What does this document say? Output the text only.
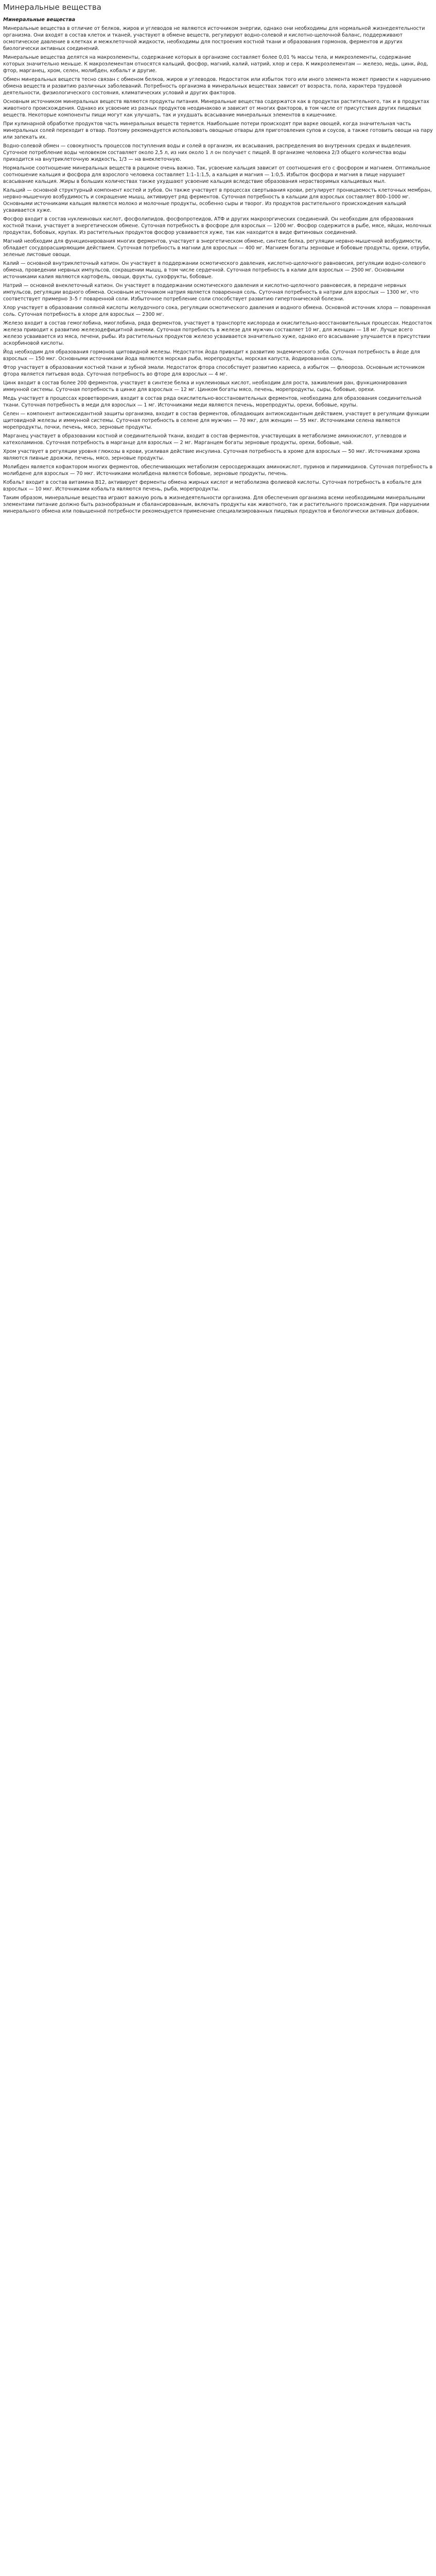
Минеральные вещества
Минеральные вещества

Минеральные вещества в отличие от белков, жиров и углеводов не являются источником энергии, однако они необходимы для нормальной жизнедеятельности организма. Они входят в состав клеток и тканей, участвуют в обмене веществ, регулируют водно-солевой и кислотно-щелочной баланс, поддерживают осмотическое давление в клетках и межклеточной жидкости, необходимы для построения костной ткани и образования гормонов, ферментов и других биологически активных соединений.

Минеральные вещества делятся на макроэлементы, содержание которых в организме составляет более 0,01 % массы тела, и микроэлементы, содержание которых значительно меньше. К макроэлементам относятся кальций, фосфор, магний, калий, натрий, хлор и сера. К микроэлементам — железо, медь, цинк, йод, фтор, марганец, хром, селен, молибден, кобальт и другие.

Обмен минеральных веществ тесно связан с обменом белков, жиров и углеводов. Недостаток или избыток того или иного элемента может привести к нарушению обмена веществ и развитию различных заболеваний. Потребность организма в минеральных веществах зависит от возраста, пола, характера трудовой деятельности, физиологического состояния, климатических условий и других факторов.

Основным источником минеральных веществ являются продукты питания. Минеральные вещества содержатся как в продуктах растительного, так и в продуктах животного происхождения. Однако их усвоение из разных продуктов неодинаково и зависит от многих факторов, в том числе от присутствия других пищевых веществ. Некоторые компоненты пищи могут как улучшать, так и ухудшать всасывание минеральных элементов в кишечнике.

При кулинарной обработке продуктов часть минеральных веществ теряется. Наибольшие потери происходят при варке овощей, когда значительная часть минеральных солей переходит в отвар. Поэтому рекомендуется использовать овощные отвары для приготовления супов и соусов, а также готовить овощи на пару или запекать их.

Водно-солевой обмен — совокупность процессов поступления воды и солей в организм, их всасывания, распределения во внутренних средах и выделения. Суточное потребление воды человеком составляет около 2,5 л, из них около 1 л он получает с пищей. В организме человека 2/3 общего количества воды приходится на внутриклеточную жидкость, 1/3 — на внеклеточную.

Нормальное соотношение минеральных веществ в рационе очень важно. Так, усвоение кальция зависит от соотношения его с фосфором и магнием. Оптимальное соотношение кальция и фосфора для взрослого человека составляет 1:1–1:1,5, а кальция и магния — 1:0,5. Избыток фосфора и магния в пище нарушает всасывание кальция. Жиры в больших количествах также ухудшают усвоение кальция вследствие образования нерастворимых кальциевых мыл.

Кальций — основной структурный компонент костей и зубов. Он также участвует в процессах свертывания крови, регулирует проницаемость клеточных мембран, нервно-мышечную возбудимость и сокращение мышц, активирует ряд ферментов. Суточная потребность в кальции для взрослых составляет 800–1000 мг. Основными источниками кальция являются молоко и молочные продукты, особенно сыры и творог. Из продуктов растительного происхождения кальций усваивается хуже.

Фосфор входит в состав нуклеиновых кислот, фосфолипидов, фосфопротеидов, АТФ и других макроэргических соединений. Он необходим для образования костной ткани, участвует в энергетическом обмене. Суточная потребность в фосфоре для взрослых — 1200 мг. Фосфор содержится в рыбе, мясе, яйцах, молочных продуктах, бобовых, крупах. Из растительных продуктов фосфор усваивается хуже, так как находится в виде фитиновых соединений.

Магний необходим для функционирования многих ферментов, участвует в энергетическом обмене, синтезе белка, регуляции нервно-мышечной возбудимости, обладает сосудорасширяющим действием. Суточная потребность в магнии для взрослых — 400 мг. Магнием богаты зерновые и бобовые продукты, орехи, отруби, зеленые листовые овощи.

Калий — основной внутриклеточный катион. Он участвует в поддержании осмотического давления, кислотно-щелочного равновесия, регуляции водно-солевого обмена, проведении нервных импульсов, сокращении мышц, в том числе сердечной. Суточная потребность в калии для взрослых — 2500 мг. Основными источниками калия являются картофель, овощи, фрукты, сухофрукты, бобовые.

Натрий — основной внеклеточный катион. Он участвует в поддержании осмотического давления и кислотно-щелочного равновесия, в передаче нервных импульсов, регуляции водного обмена. Основным источником натрия является поваренная соль. Суточная потребность в натрии для взрослых — 1300 мг, что соответствует примерно 3–5 г поваренной соли. Избыточное потребление соли способствует развитию гипертонической болезни.

Хлор участвует в образовании соляной кислоты желудочного сока, регуляции осмотического давления и водного обмена. Основной источник хлора — поваренная соль. Суточная потребность в хлоре для взрослых — 2300 мг.

Железо входит в состав гемоглобина, миоглобина, ряда ферментов, участвует в транспорте кислорода и окислительно-восстановительных процессах. Недостаток железа приводит к развитию железодефицитной анемии. Суточная потребность в железе для мужчин составляет 10 мг, для женщин — 18 мг. Лучше всего железо усваивается из мяса, печени, рыбы. Из растительных продуктов железо усваивается значительно хуже, однако его всасывание улучшается в присутствии аскорбиновой кислоты.

Йод необходим для образования гормонов щитовидной железы. Недостаток йода приводит к развитию эндемического зоба. Суточная потребность в йоде для взрослых — 150 мкг. Основными источниками йода являются морская рыба, морепродукты, морская капуста, йодированная соль.

Фтор участвует в образовании костной ткани и зубной эмали. Недостаток фтора способствует развитию кариеса, а избыток — флюороза. Основным источником фтора является питьевая вода. Суточная потребность во фторе для взрослых — 4 мг.

Цинк входит в состав более 200 ферментов, участвует в синтезе белка и нуклеиновых кислот, необходим для роста, заживления ран, функционирования иммунной системы. Суточная потребность в цинке для взрослых — 12 мг. Цинком богаты мясо, печень, морепродукты, сыры, бобовые, орехи.

Медь участвует в процессах кроветворения, входит в состав ряда окислительно-восстановительных ферментов, необходима для образования соединительной ткани. Суточная потребность в меди для взрослых — 1 мг. Источниками меди являются печень, морепродукты, орехи, бобовые, крупы.

Селен — компонент антиоксидантной защиты организма, входит в состав ферментов, обладающих антиоксидантным действием, участвует в регуляции функции щитовидной железы и иммунной системы. Суточная потребность в селене для мужчин — 70 мкг, для женщин — 55 мкг. Источниками селена являются морепродукты, почки, печень, мясо, зерновые продукты.

Марганец участвует в образовании костной и соединительной ткани, входит в состав ферментов, участвующих в метаболизме аминокислот, углеводов и катехоламинов. Суточная потребность в марганце для взрослых — 2 мг. Марганцем богаты зерновые продукты, орехи, бобовые, чай.

Хром участвует в регуляции уровня глюкозы в крови, усиливая действие инсулина. Суточная потребность в хроме для взрослых — 50 мкг. Источниками хрома являются пивные дрожжи, печень, мясо, зерновые продукты.

Молибден является кофактором многих ферментов, обеспечивающих метаболизм серосодержащих аминокислот, пуринов и пиримидинов. Суточная потребность в молибдене для взрослых — 70 мкг. Источниками молибдена являются бобовые, зерновые продукты, печень.

Кобальт входит в состав витамина B12, активирует ферменты обмена жирных кислот и метаболизма фолиевой кислоты. Суточная потребность в кобальте для взрослых — 10 мкг. Источниками кобальта являются печень, рыба, морепродукты.

Таким образом, минеральные вещества играют важную роль в жизнедеятельности организма. Для обеспечения организма всеми необходимыми минеральными элементами питание должно быть разнообразным и сбалансированным, включать продукты как животного, так и растительного происхождения. При нарушении минерального обмена или повышенной потребности рекомендуется применение специализированных пищевых продуктов и биологически активных добавок.
